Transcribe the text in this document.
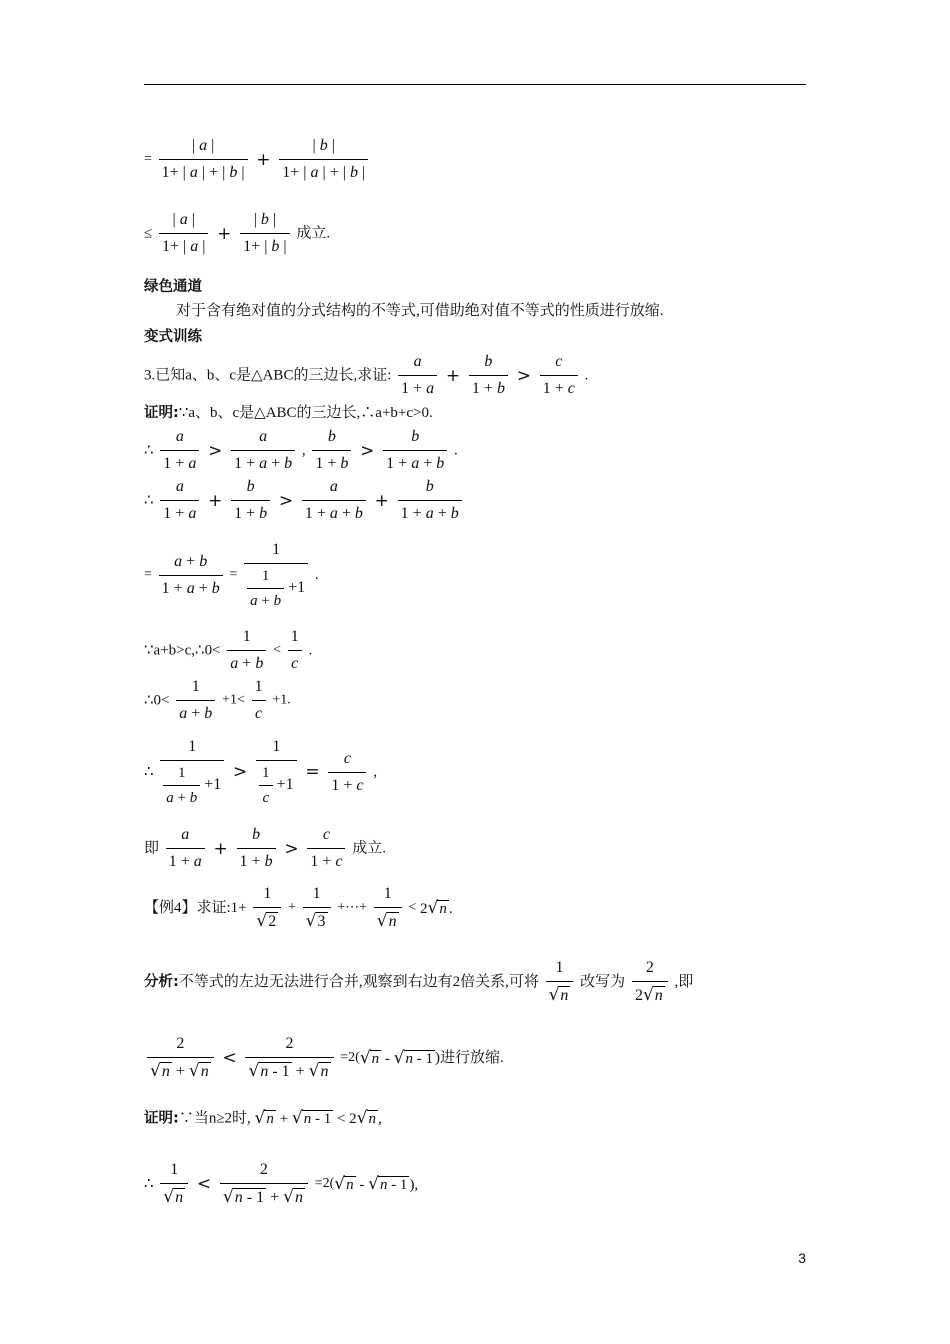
= $\frac{| a |}{1+ | a | + | b |} + \frac{| b |}{1+ | a | + | b |}$
≤ $\frac{| a |}{1+ | a |} + \frac{| b |}{1+ | b |}$ 成立.
绿色通道
对于含有绝对值的分式结构的不等式,可借助绝对值不等式的性质进行放缩.
变式训练
3.已知a、b、c是△ABC的三边长,求证: $\frac{a}{1 + a} + \frac{b}{1 + b} > \frac{c}{1 + c}$ .
证明:∵a、b、c是△ABC的三边长,∴a+b+c>0.
∴ $\frac{a}{1 + a} > \frac{a}{1 + a + b}$ , $\frac{b}{1 + b} > \frac{b}{1 + a + b}$ .
∴ $\frac{a}{1 + a} + \frac{b}{1 + b} > \frac{a}{1 + a + b} + \frac{b}{1 + a + b}$
= $\frac{a + b}{1 + a + b} = \frac{1}{\frac{1}{a + b} +1}$ .
∵a+b>c,∴0< $\frac{1}{a + b} < \frac{1}{c}$ .
∴0< $\frac{1}{a + b} +1< \frac{1}{c} +1$.
∴ $\frac{1}{\frac{1}{a + b} +1} > \frac{1}{\frac{1}{c} +1} = \frac{c}{1 + c}$ ,
即 $\frac{a}{1 + a} + \frac{b}{1 + b} > \frac{c}{1 + c}$ 成立.
【例4】求证:1+ $\frac{1}{√2} + \frac{1}{√3}$ +⋯+ $\frac{1}{√n} < 2√n$ .
分析:不等式的左边无法进行合并,观察到右边有2倍关系,可将 $\frac{1}{√n}$ 改写为 $\frac{2}{2√n}$ ,即
$\frac{2}{√n + √n} < \frac{2}{√n - 1 + √n} =2(√n - √n - 1$ )进行放缩.
证明:∵当n≥2时, √n + √n - 1 < 2√n ,
∴ $\frac{1}{√n} < \frac{2}{√n - 1 + √n} =2(√n - √n - 1$ ),
3
